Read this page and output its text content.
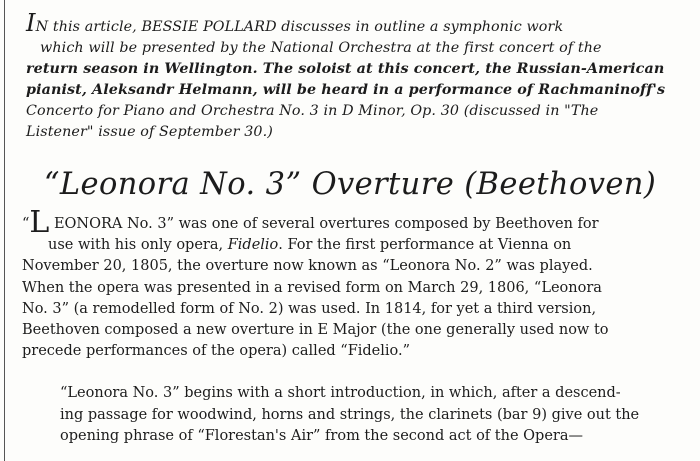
IN this article, BESSIE POLLARD discusses in outline a symphonic work

which will be presented by the National Orchestra at the first concert of the

return season in Wellington. The soloist at this concert, the Russian-American

pianist, Aleksandr Helmann, will be heard in a performance of Rachmaninoff's

Concerto for Piano and Orchestra No. 3 in D Minor, Op. 30 (discussed in "The

Listener" issue of September 30.)

“Leonora No. 3” Overture (Beethoven)

“L EONORA No. 3” was one of several overtures composed by Beethoven for

use with his only opera, Fidelio. For the first performance at Vienna on

November 20, 1805, the overture now known as “Leonora No. 2” was played.

When the opera was presented in a revised form on March 29, 1806, “Leonora

No. 3” (a remodelled form of No. 2) was used. In 1814, for yet a third version,

Beethoven composed a new overture in E Major (the one generally used now to

precede performances of the opera) called “Fidelio.”

“Leonora No. 3” begins with a short introduction, in which, after a descend-

ing passage for woodwind, horns and strings, the clarinets (bar 9) give out the

opening phrase of “Florestan's Air” from the second act of the Opera—
